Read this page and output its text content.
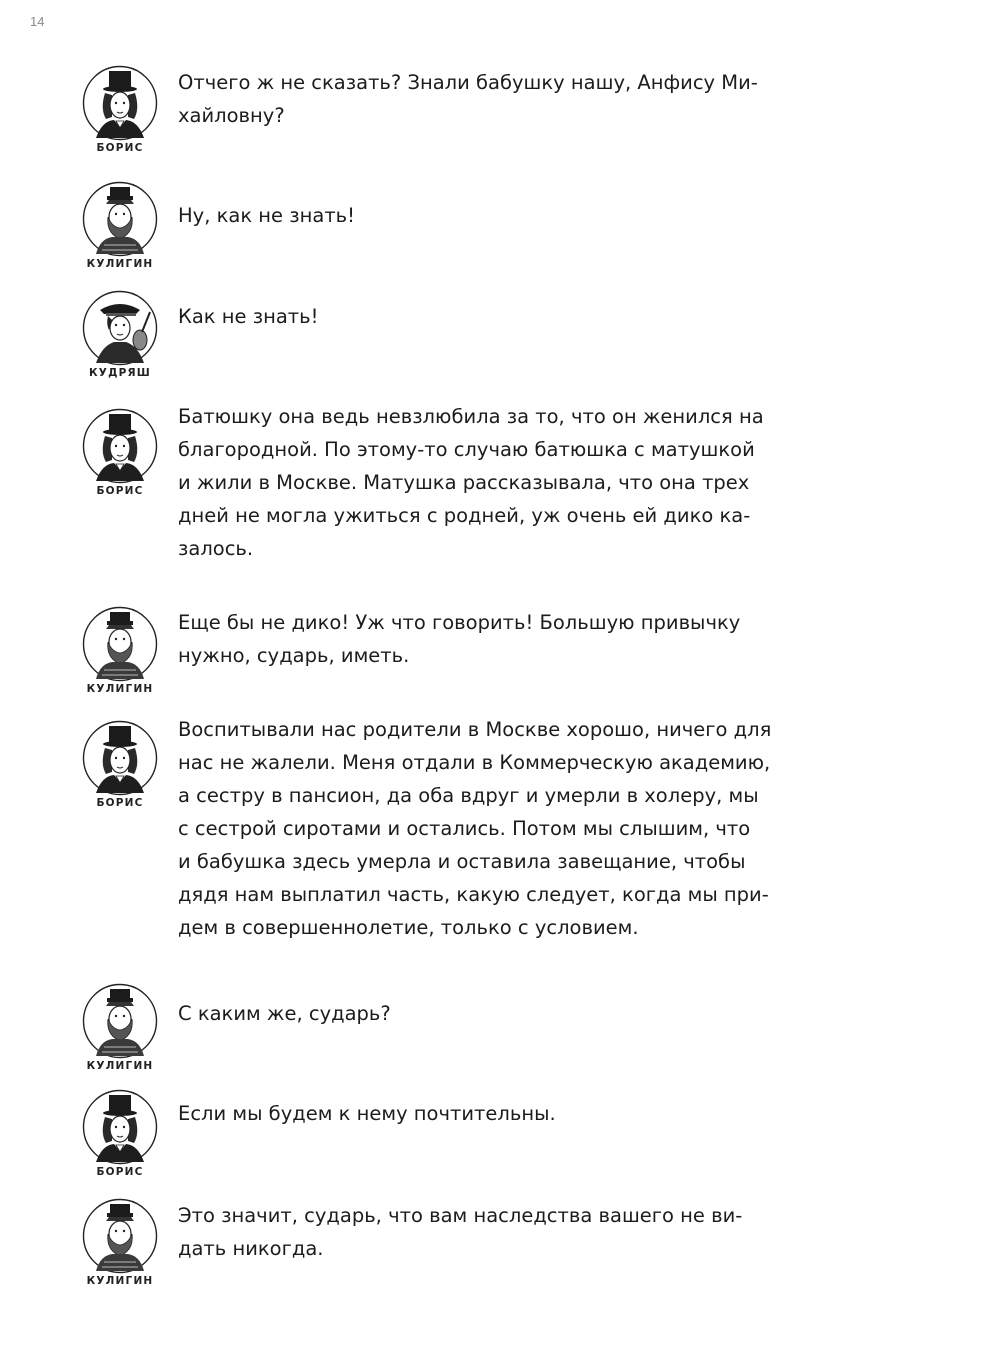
14
БОРИС
Отчего ж не сказать? Знали бабушку нашу, Анфису Ми-
хайловну?
КУЛИГИН
Ну, как не знать!
КУДРЯШ
Как не знать!
БОРИС
Батюшку она ведь невзлюбила за то, что он женился на
благородной. По этому-то случаю батюшка с матушкой
и жили в Москве. Матушка рассказывала, что она трех
дней не могла ужиться с родней, уж очень ей дико ка-
залось.
КУЛИГИН
Еще бы не дико! Уж что говорить! Большую привычку
нужно, сударь, иметь.
БОРИС
Воспитывали нас родители в Москве хорошо, ничего для
нас не жалели. Меня отдали в Коммерческую академию,
а сестру в пансион, да оба вдруг и умерли в холеру, мы
с сестрой сиротами и остались. Потом мы слышим, что
и бабушка здесь умерла и оставила завещание, чтобы
дядя нам выплатил часть, какую следует, когда мы при-
дем в совершеннолетие, только с условием.
КУЛИГИН
С каким же, сударь?
БОРИС
Если мы будем к нему почтительны.
КУЛИГИН
Это значит, сударь, что вам наследства вашего не ви-
дать никогда.
